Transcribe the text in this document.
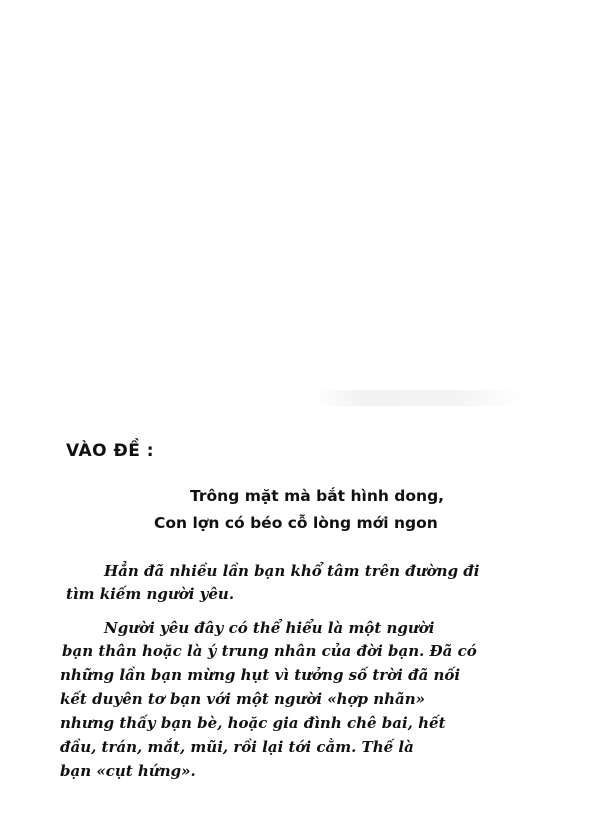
VÀO ĐỀ :

Trông mặt mà bắt hình dong,

Con lợn có béo cỗ lòng mới ngon

Hẳn đã nhiều lần bạn khổ tâm trên đường đi

tìm kiếm người yêu.

Người yêu đây có thể hiểu là một người

bạn thân hoặc là ý trung nhân của đời bạn. Đã có

những lần bạn mừng hụt vì tưởng số trời đã nối

kết duyên tơ bạn với một người «hợp nhãn»

nhưng thấy bạn bè, hoặc gia đình chê bai, hết

đầu, trán, mắt, mũi, rồi lại tới cằm. Thế là

bạn «cụt hứng».
